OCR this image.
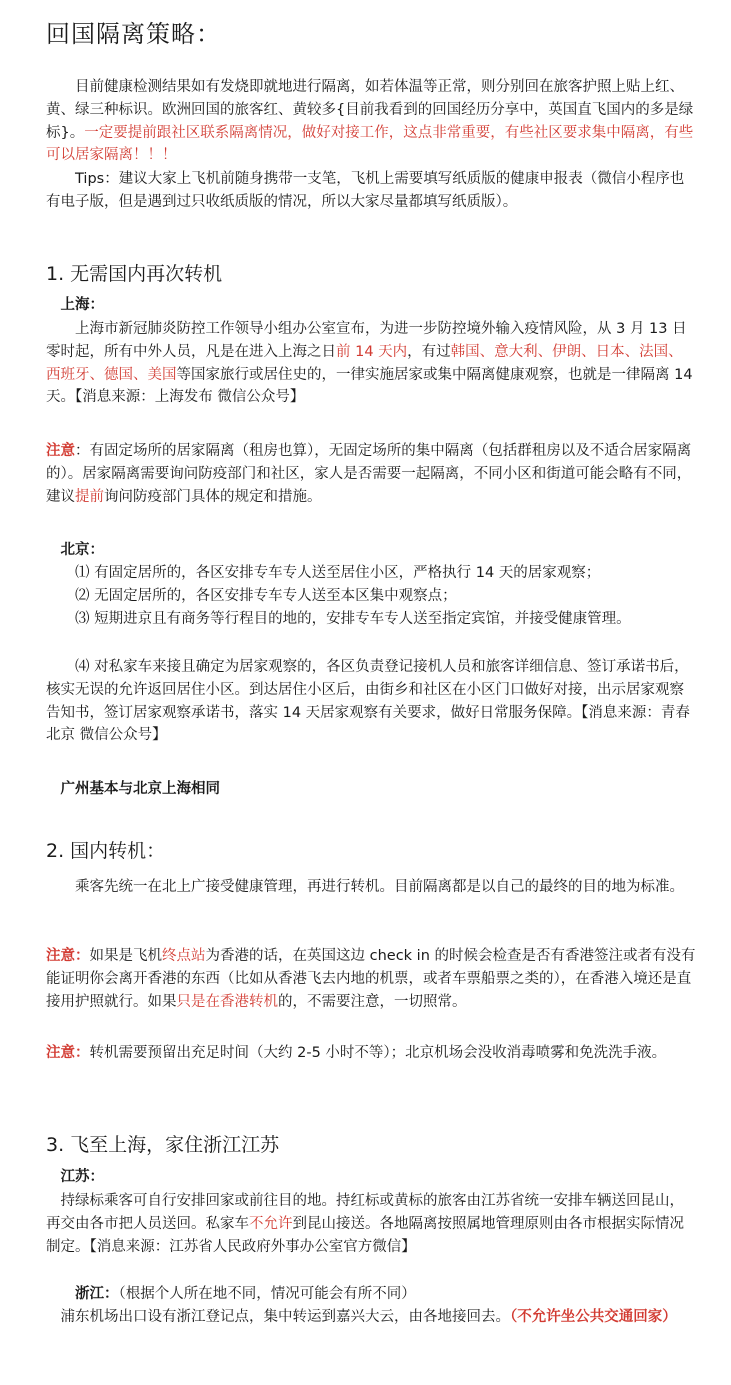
回国隔离策略：

目前健康检测结果如有发烧即就地进行隔离，如若体温等正常，则分别回在旅客护照上贴上红、黄、绿三种标识。欧洲回国的旅客红、黄较多{目前我看到的回国经历分享中，英国直飞国内的多是绿标}。一定要提前跟社区联系隔离情况，做好对接工作，这点非常重要，有些社区要求集中隔离，有些可以居家隔离！！！

Tips：建议大家上飞机前随身携带一支笔，飞机上需要填写纸质版的健康申报表（微信小程序也有电子版，但是遇到过只收纸质版的情况，所以大家尽量都填写纸质版）。

1. 无需国内再次转机
上海：

上海市新冠肺炎防控工作领导小组办公室宣布，为进一步防控境外输入疫情风险，从 3 月 13 日零时起，所有中外人员，凡是在进入上海之日前 14 天内，有过韩国、意大利、伊朗、日本、法国、西班牙、德国、美国等国家旅行或居住史的，一律实施居家或集中隔离健康观察，也就是一律隔离 14 天。【消息来源：上海发布 微信公众号】

注意：有固定场所的居家隔离（租房也算），无固定场所的集中隔离（包括群租房以及不适合居家隔离的）。居家隔离需要询问防疫部门和社区，家人是否需要一起隔离，不同小区和街道可能会略有不同，建议提前询问防疫部门具体的规定和措施。

北京：

⑴ 有固定居所的，各区安排专车专人送至居住小区，严格执行 14 天的居家观察；

⑵ 无固定居所的，各区安排专车专人送至本区集中观察点；

⑶ 短期进京且有商务等行程目的地的，安排专车专人送至指定宾馆，并接受健康管理。

⑷ 对私家车来接且确定为居家观察的，各区负责登记接机人员和旅客详细信息、签订承诺书后，核实无误的允许返回居住小区。到达居住小区后，由街乡和社区在小区门口做好对接，出示居家观察告知书，签订居家观察承诺书，落实 14 天居家观察有关要求，做好日常服务保障。【消息来源：青春北京 微信公众号】

广州基本与北京上海相同
2. 国内转机：

乘客先统一在北上广接受健康管理，再进行转机。目前隔离都是以自己的最终的目的地为标准。

注意：如果是飞机终点站为香港的话，在英国这边 check in 的时候会检查是否有香港签注或者有没有能证明你会离开香港的东西（比如从香港飞去内地的机票，或者车票船票之类的），在香港入境还是直接用护照就行。如果只是在香港转机的，不需要注意，一切照常。

注意：转机需要预留出充足时间（大约 2-5 小时不等）；北京机场会没收消毒喷雾和免洗洗手液。

3. 飞至上海，家住浙江江苏
江苏：

持绿标乘客可自行安排回家或前往目的地。持红标或黄标的旅客由江苏省统一安排车辆送回昆山，再交由各市把人员送回。私家车不允许到昆山接送。各地隔离按照属地管理原则由各市根据实际情况制定。【消息来源：江苏省人民政府外事办公室官方微信】

浙江：（根据个人所在地不同，情况可能会有所不同）

浦东机场出口设有浙江登记点，集中转运到嘉兴大云，由各地接回去。（不允许坐公共交通回家）
